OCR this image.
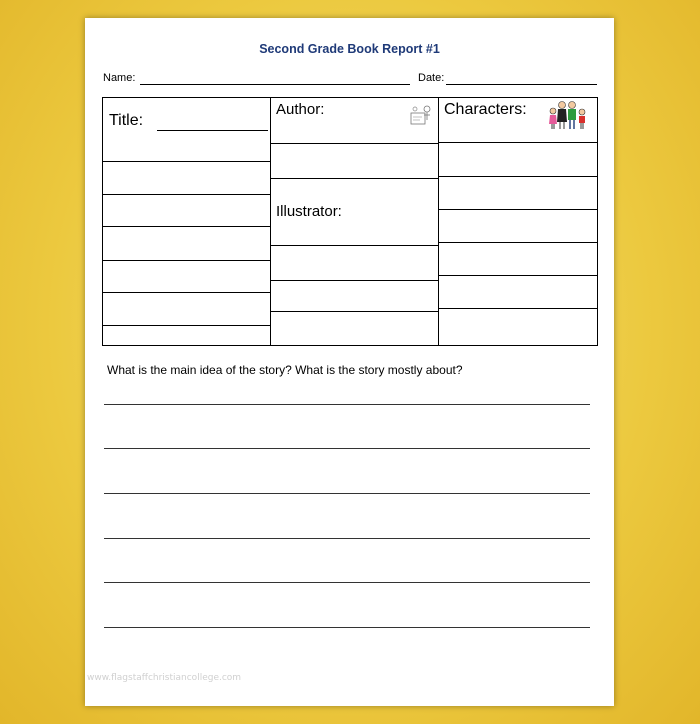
Second Grade Book Report #1
Name:	Date:
Title:
Author:
Illustrator:
Characters:
What is the main idea of the story? What is the story mostly about?
www.flagstaffchristiancollege.com
